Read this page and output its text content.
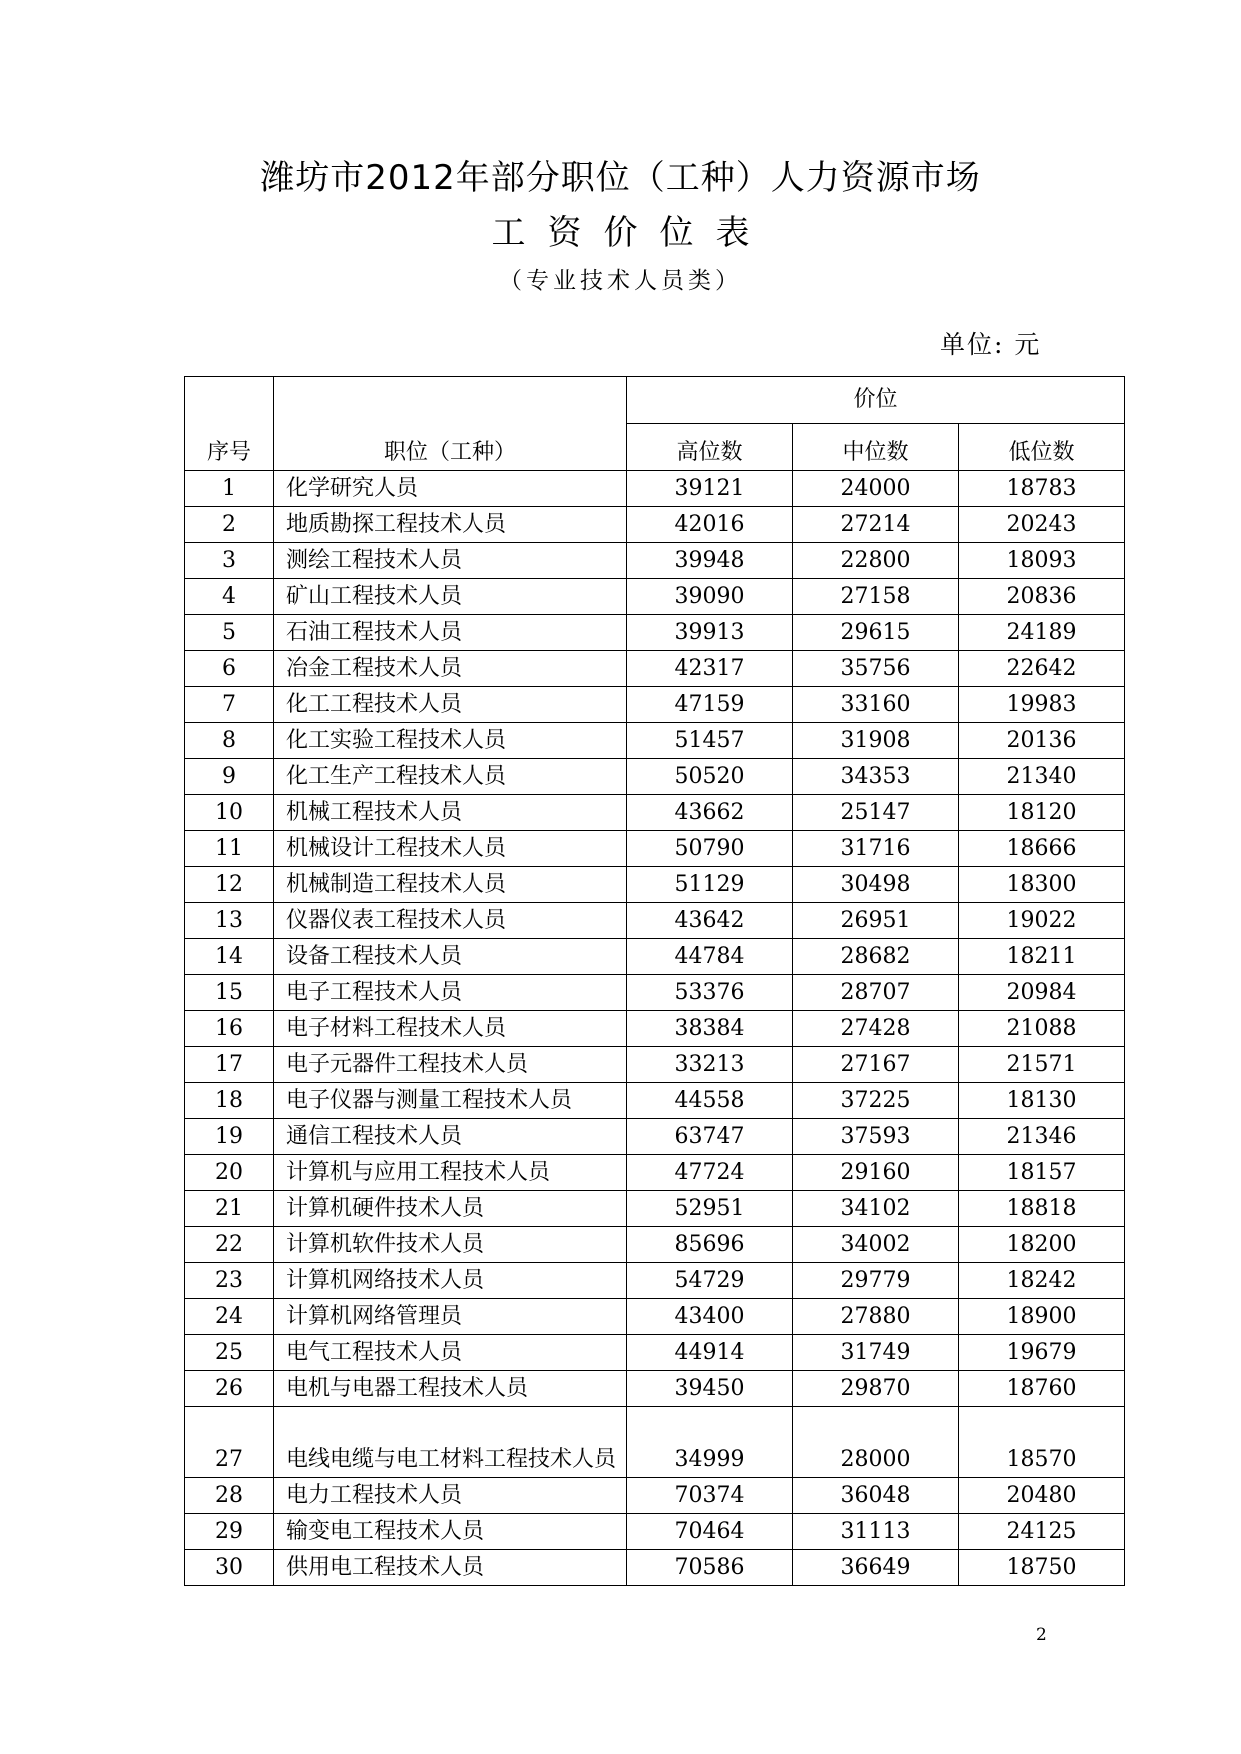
潍坊市2012年部分职位（工种）人力资源市场
工资价位表
（专业技术人员类）
单位: 元
序号	职位（工种）	价位		
		高位数	中位数	低位数
1	化学研究人员	39121	24000	18783
2	地质勘探工程技术人员	42016	27214	20243
3	测绘工程技术人员	39948	22800	18093
4	矿山工程技术人员	39090	27158	20836
5	石油工程技术人员	39913	29615	24189
6	冶金工程技术人员	42317	35756	22642
7	化工工程技术人员	47159	33160	19983
8	化工实验工程技术人员	51457	31908	20136
9	化工生产工程技术人员	50520	34353	21340
10	机械工程技术人员	43662	25147	18120
11	机械设计工程技术人员	50790	31716	18666
12	机械制造工程技术人员	51129	30498	18300
13	仪器仪表工程技术人员	43642	26951	19022
14	设备工程技术人员	44784	28682	18211
15	电子工程技术人员	53376	28707	20984
16	电子材料工程技术人员	38384	27428	21088
17	电子元器件工程技术人员	33213	27167	21571
18	电子仪器与测量工程技术人员	44558	37225	18130
19	通信工程技术人员	63747	37593	21346
20	计算机与应用工程技术人员	47724	29160	18157
21	计算机硬件技术人员	52951	34102	18818
22	计算机软件技术人员	85696	34002	18200
23	计算机网络技术人员	54729	29779	18242
24	计算机网络管理员	43400	27880	18900
25	电气工程技术人员	44914	31749	19679
26	电机与电器工程技术人员	39450	29870	18760
27	电线电缆与电工材料工程技术人员	34999	28000	18570
28	电力工程技术人员	70374	36048	20480
29	输变电工程技术人员	70464	31113	24125
30	供用电工程技术人员	70586	36649	18750
2
